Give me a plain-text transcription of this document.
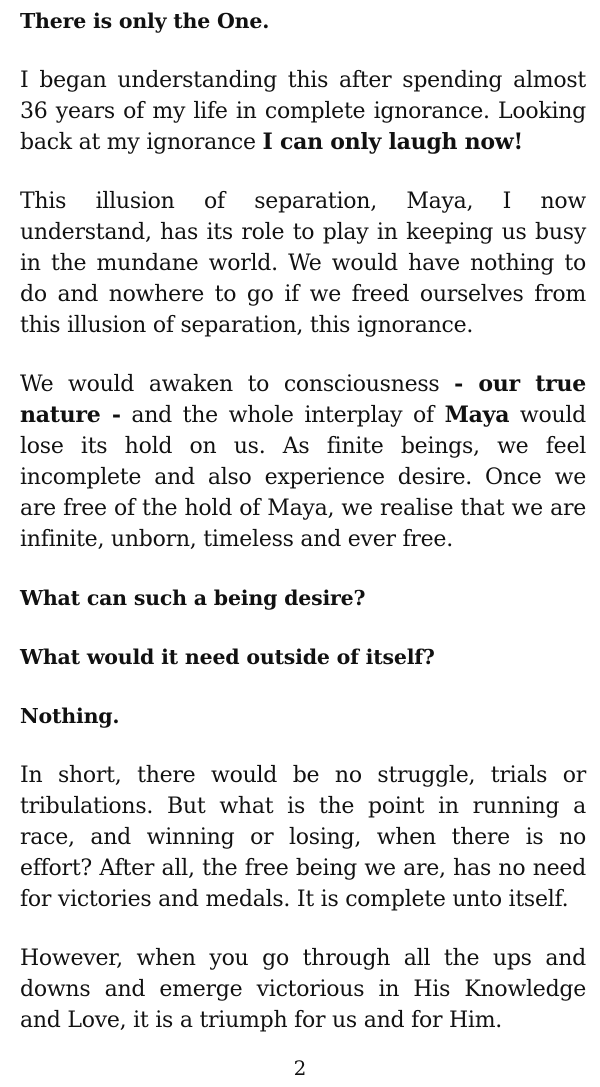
There is only the One.

I began understanding this after spending almost 36 years of my life in complete ignorance. Looking back at my ignorance I can only laugh now!

This illusion of separation, Maya, I now understand, has its role to play in keeping us busy in the mundane world. We would have nothing to do and nowhere to go if we freed ourselves from this illusion of separation, this ignorance.

We would awaken to consciousness - our true nature - and the whole interplay of Maya would lose its hold on us. As finite beings, we feel incomplete and also experience desire. Once we are free of the hold of Maya, we realise that we are infinite, unborn, timeless and ever free.

What can such a being desire?

What would it need outside of itself?

Nothing.

In short, there would be no struggle, trials or tribulations. But what is the point in running a race, and winning or losing, when there is no effort? After all, the free being we are, has no need for victories and medals. It is complete unto itself.

However, when you go through all the ups and downs and emerge victorious in His Knowledge and Love, it is a triumph for us and for Him.

2
